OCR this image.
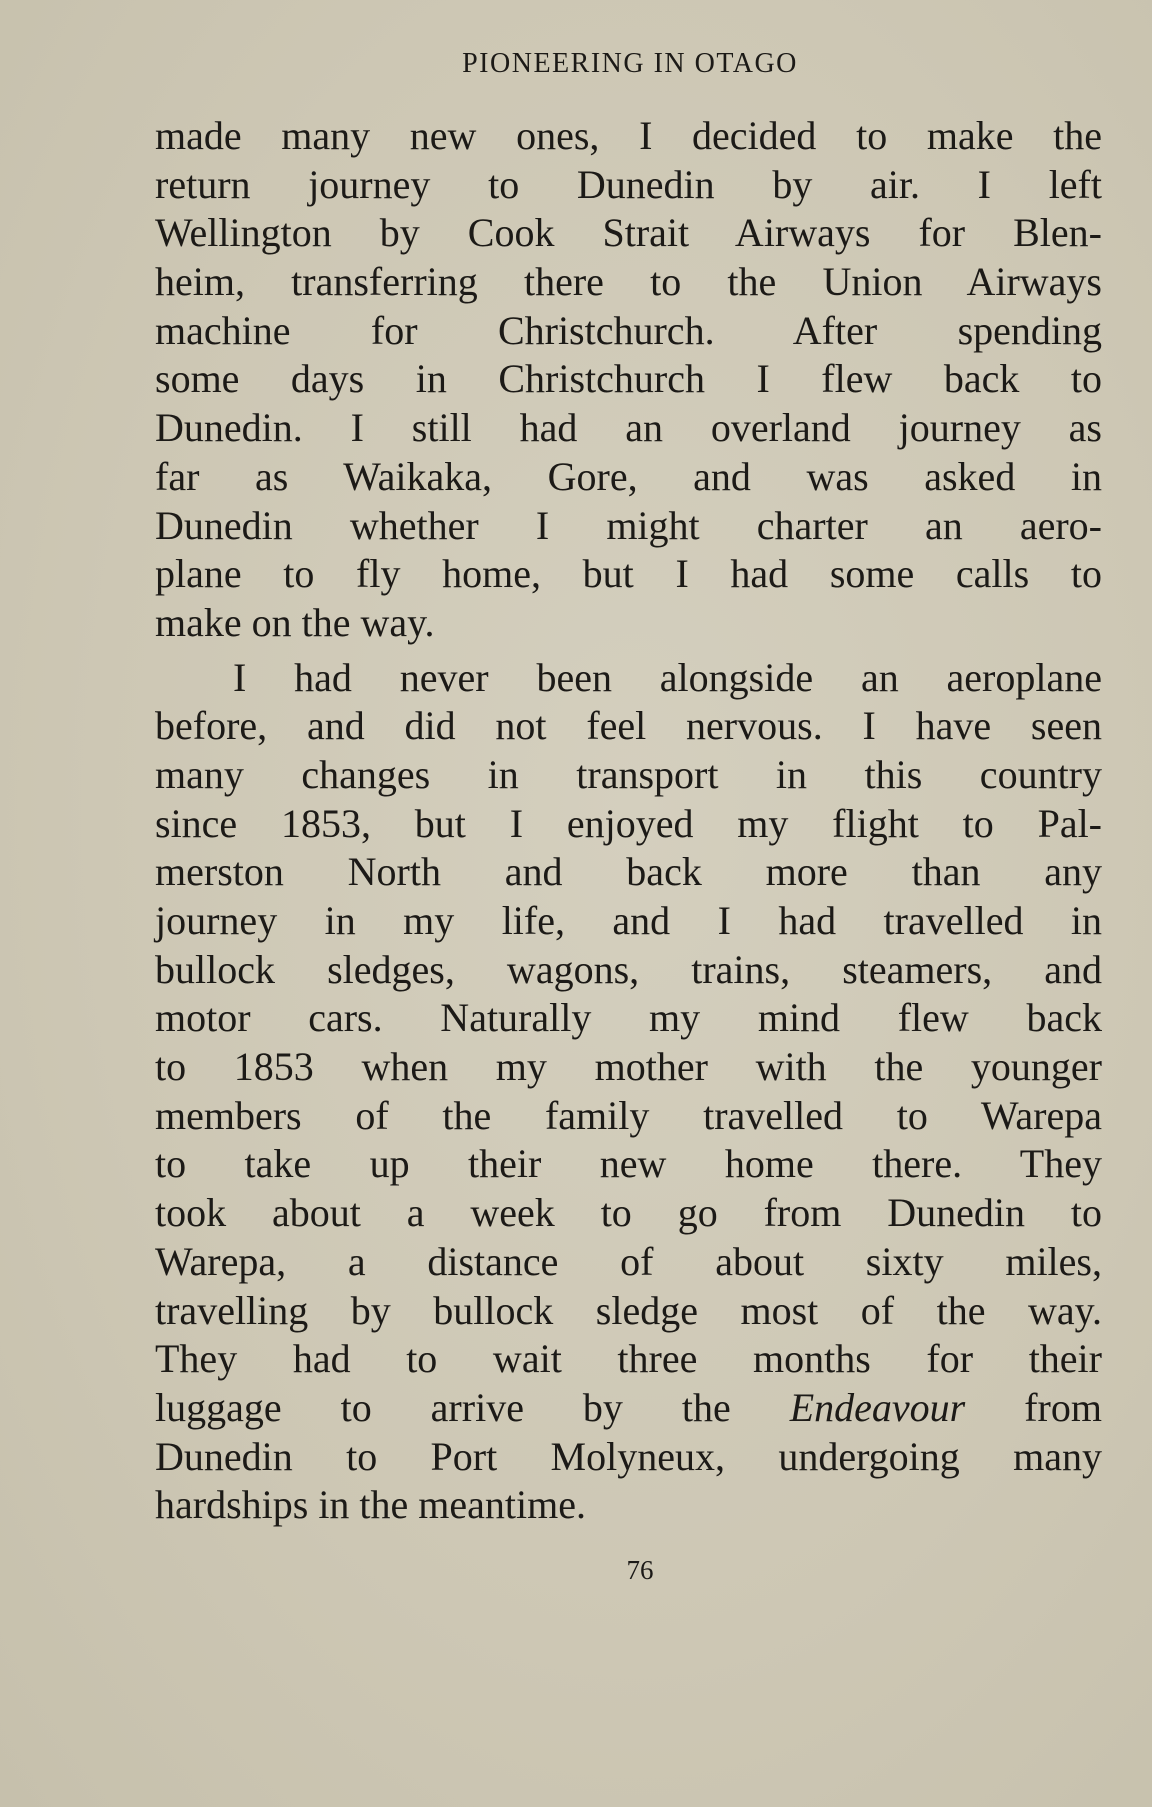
PIONEERING IN OTAGO
made many new ones, I decided to make the
return journey to Dunedin by air. I left
Wellington by Cook Strait Airways for Blen-
heim, transferring there to the Union Airways
machine for Christchurch. After spending
some days in Christchurch I flew back to
Dunedin. I still had an overland journey as
far as Waikaka, Gore, and was asked in
Dunedin whether I might charter an aero-
plane to fly home, but I had some calls to
make on the way.
I had never been alongside an aeroplane
before, and did not feel nervous. I have seen
many changes in transport in this country
since 1853, but I enjoyed my flight to Pal-
merston North and back more than any
journey in my life, and I had travelled in
bullock sledges, wagons, trains, steamers, and
motor cars. Naturally my mind flew back
to 1853 when my mother with the younger
members of the family travelled to Warepa
to take up their new home there. They
took about a week to go from Dunedin to
Warepa, a distance of about sixty miles,
travelling by bullock sledge most of the way.
They had to wait three months for their
luggage to arrive by the Endeavour from
Dunedin to Port Molyneux, undergoing many
hardships in the meantime.
76
